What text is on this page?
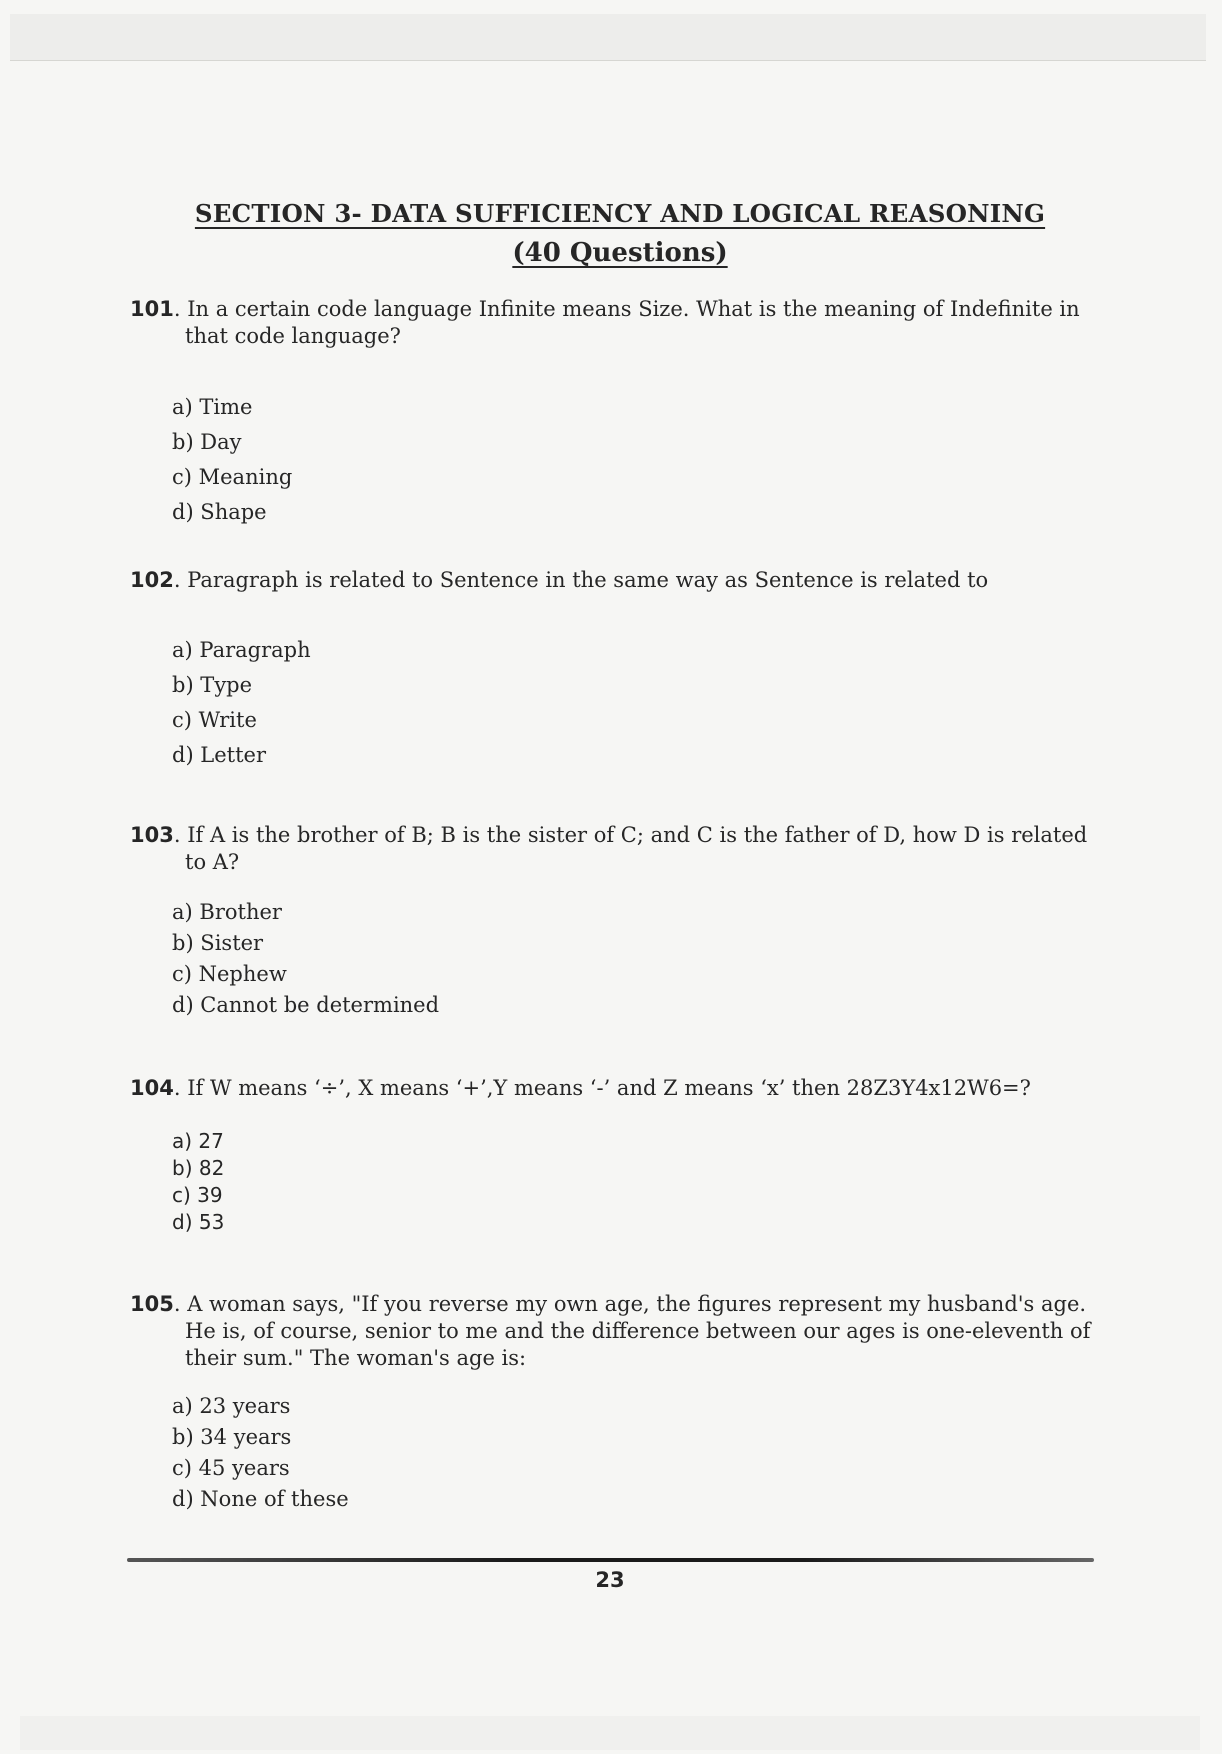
SECTION 3- DATA SUFFICIENCY AND LOGICAL REASONING
(40 Questions)
101. In a certain code language Infinite means Size. What is the meaning of Indefinite in that code language?
a) Time
b) Day
c) Meaning
d) Shape
102. Paragraph is related to Sentence in the same way as Sentence is related to
a) Paragraph
b) Type
c) Write
d) Letter
103. If A is the brother of B; B is the sister of C; and C is the father of D, how D is related to A?
a) Brother
b) Sister
c) Nephew
d) Cannot be determined
104. If W means ‘÷’, X means ‘+’,Y means ‘-’ and Z means ‘x’ then 28Z3Y4x12W6=?
a) 27
b) 82
c) 39
d) 53
105. A woman says, "If you reverse my own age, the figures represent my husband's age. He is, of course, senior to me and the difference between our ages is one-eleventh of their sum." The woman's age is:
a) 23 years
b) 34 years
c) 45 years
d) None of these
23
